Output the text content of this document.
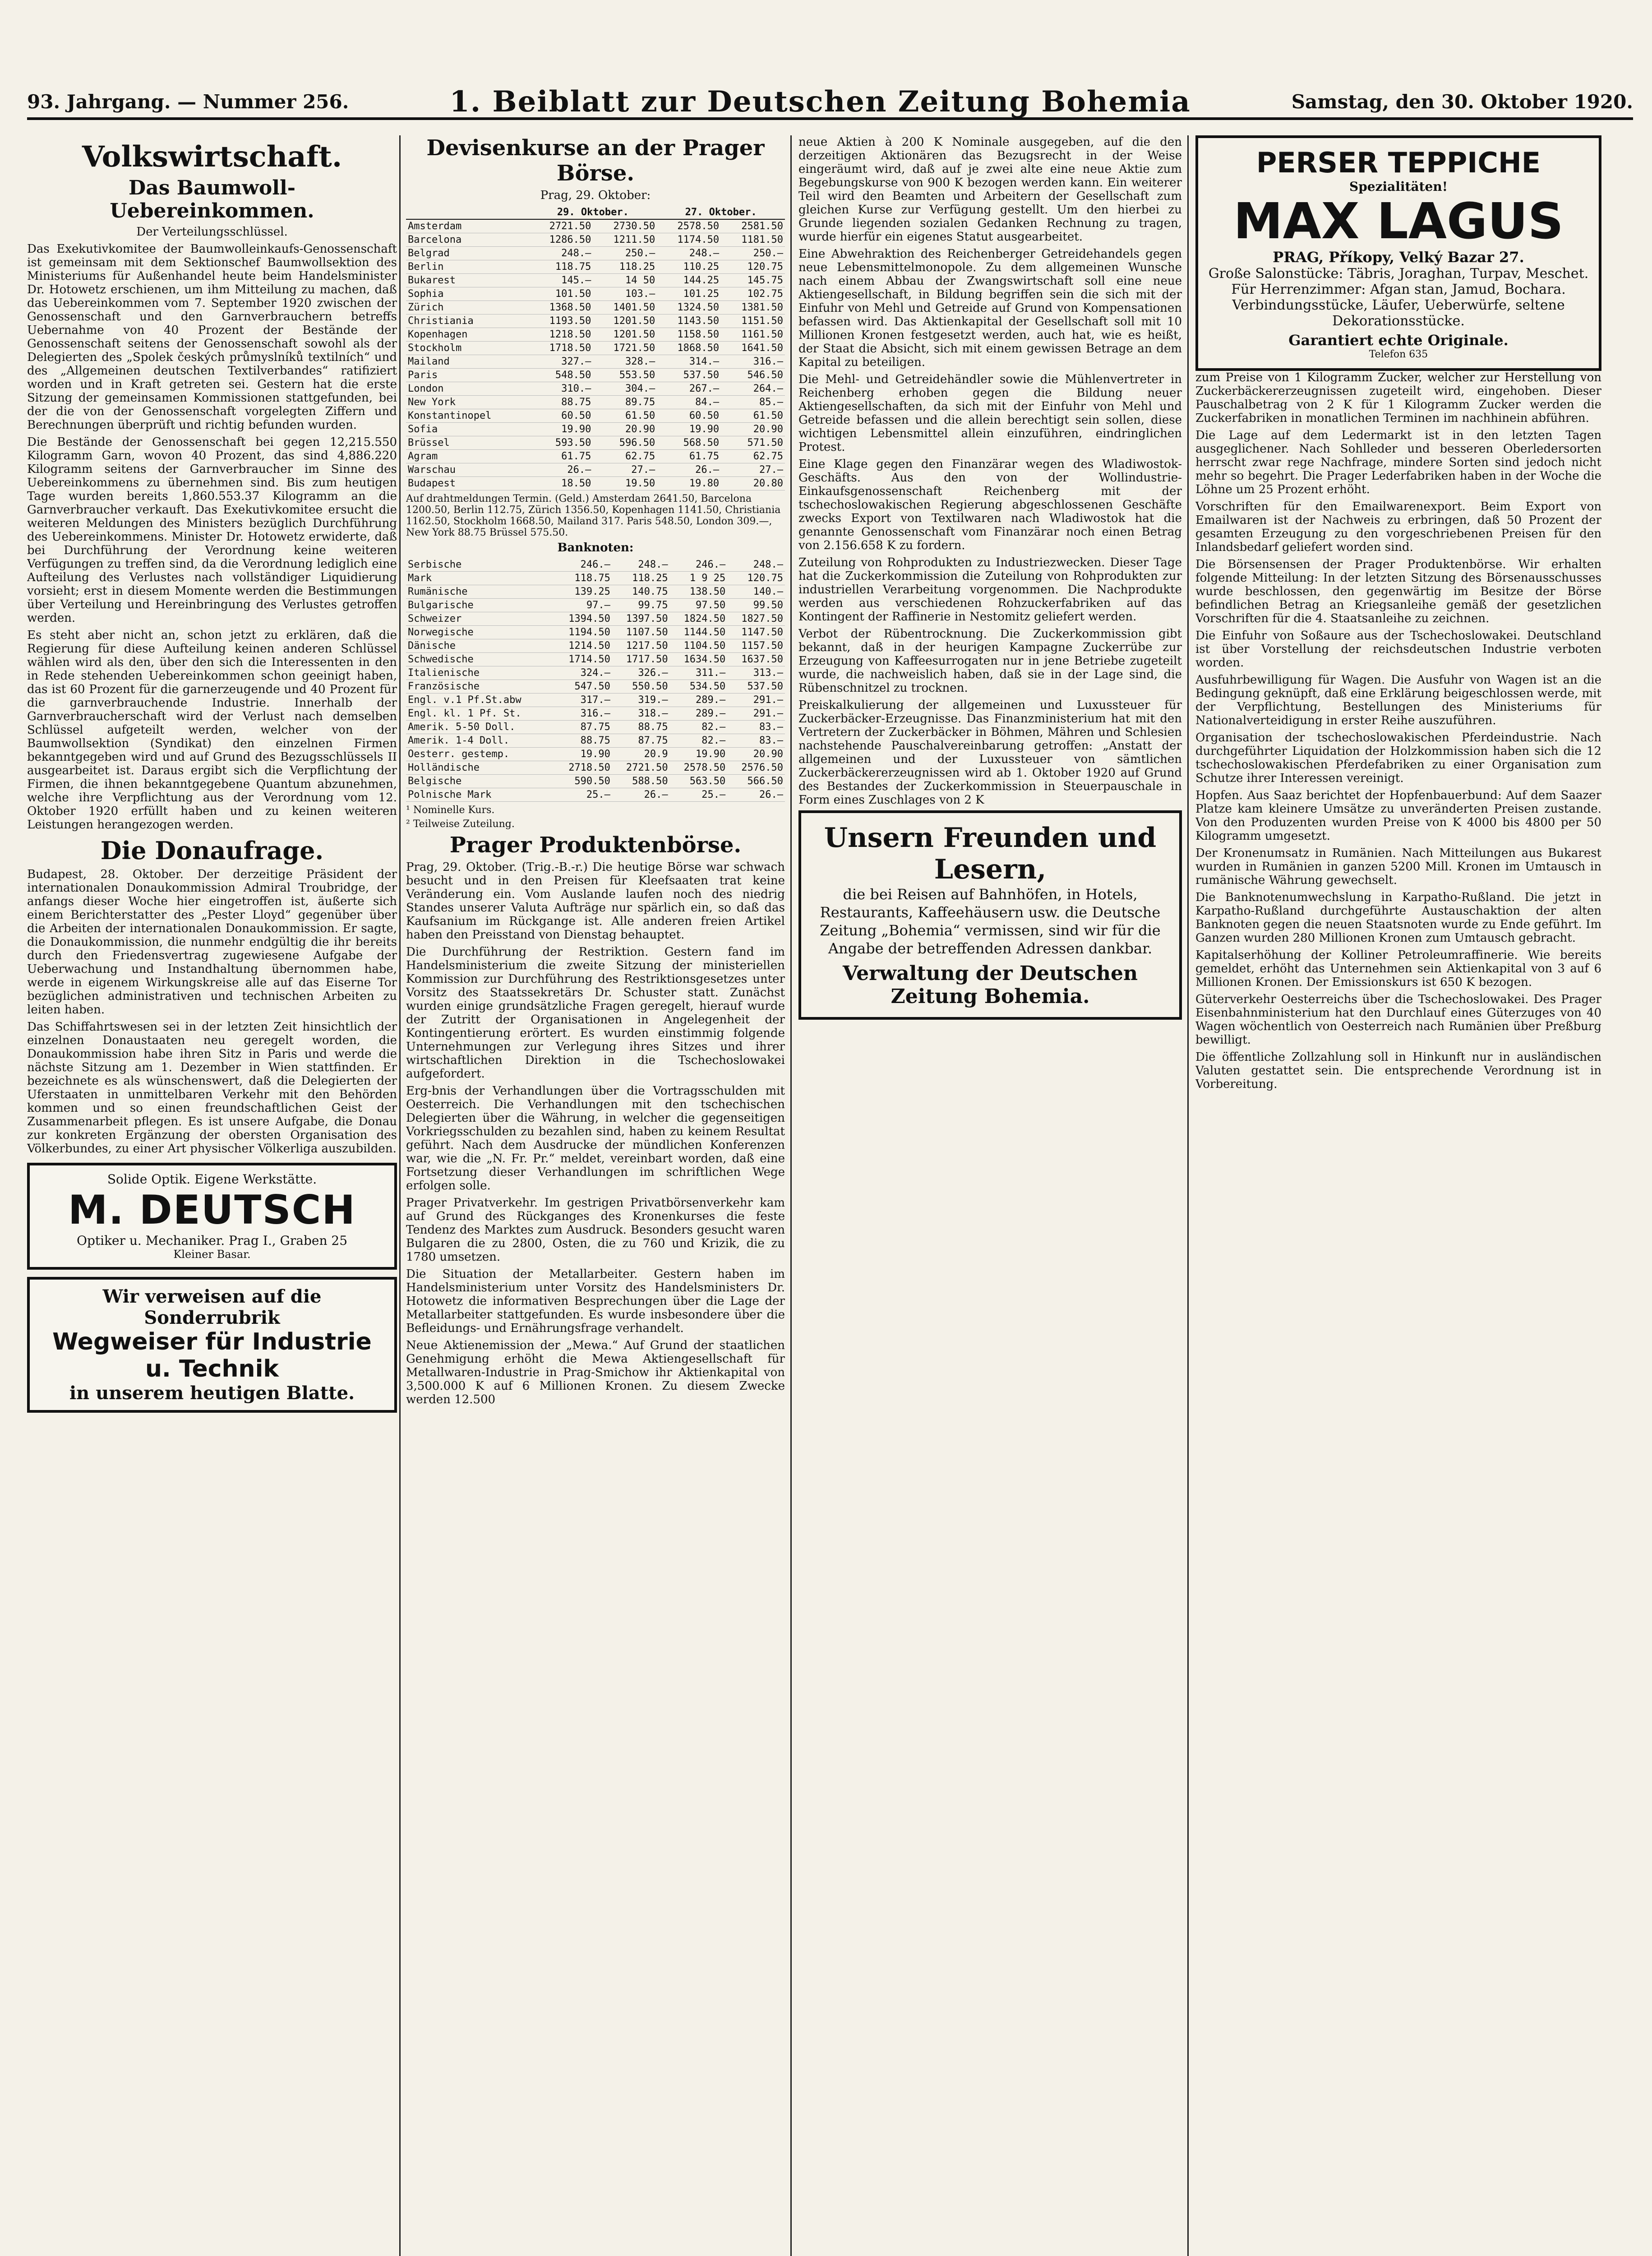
93. Jahrgang. — Nummer 256.	1. Beiblatt zur Deutschen Zeitung Bohemia	Samstag, den 30. Oktober 1920.
Volkswirtschaft.
Das Baumwoll-Uebereinkommen.
Der Verteilungsschlüssel.

Das Exekutivkomitee der Baumwolleinkaufs-Genossenschaft ist gemeinsam mit dem Sektionschef Baumwollsektion des Ministeriums für Außenhandel heute beim Handelsminister Dr. Hotowetz erschienen, um ihm Mitteilung zu machen, daß das Uebereinkommen vom 7. September 1920 zwischen der Genossenschaft und den Garnverbrauchern betreffs Uebernahme von 40 Prozent der Bestände der Genossenschaft seitens der Genossenschaft sowohl als der Delegierten des „Spolek českých průmyslníků textilních“ und des „Allgemeinen deutschen Textilverbandes“ ratifiziert worden und in Kraft getreten sei. Gestern hat die erste Sitzung der gemeinsamen Kommissionen stattgefunden, bei der die von der Genossenschaft vorgelegten Ziffern und Berechnungen überprüft und richtig befunden wurden.

Die Bestände der Genossenschaft bei gegen 12,215.550 Kilogramm Garn, wovon 40 Prozent, das sind 4,886.220 Kilogramm seitens der Garnverbraucher im Sinne des Uebereinkommens zu übernehmen sind. Bis zum heutigen Tage wurden bereits 1,860.553.37 Kilogramm an die Garnverbraucher verkauft. Das Exekutivkomitee ersucht die weiteren Meldungen des Ministers bezüglich Durchführung des Uebereinkommens. Minister Dr. Hotowetz erwiderte, daß bei Durchführung der Verordnung keine weiteren Verfügungen zu treffen sind, da die Verordnung lediglich eine Aufteilung des Verlustes nach vollständiger Liquidierung vorsieht; erst in diesem Momente werden die Bestimmungen über Verteilung und Hereinbringung des Verlustes getroffen werden.

Es steht aber nicht an, schon jetzt zu erklären, daß die Regierung für diese Aufteilung keinen anderen Schlüssel wählen wird als den, über den sich die Interessenten in den in Rede stehenden Uebereinkommen schon geeinigt haben, das ist 60 Prozent für die garnerzeugende und 40 Prozent für die garnverbrauchende Industrie. Innerhalb der Garnverbraucherschaft wird der Verlust nach demselben Schlüssel aufgeteilt werden, welcher von der Baumwollsektion (Syndikat) den einzelnen Firmen bekanntgegeben wird und auf Grund des Bezugsschlüssels II ausgearbeitet ist. Daraus ergibt sich die Verpflichtung der Firmen, die ihnen bekanntgegebene Quantum abzunehmen, welche ihre Verpflichtung aus der Verordnung vom 12. Oktober 1920 erfüllt haben und zu keinen weiteren Leistungen herangezogen werden.

Die Donaufrage.

Budapest, 28. Oktober. Der derzeitige Präsident der internationalen Donaukommission Admiral Troubridge, der anfangs dieser Woche hier eingetroffen ist, äußerte sich einem Berichterstatter des „Pester Lloyd“ gegenüber über die Arbeiten der internationalen Donaukommission. Er sagte, die Donaukommission, die nunmehr endgültig die ihr bereits durch den Friedensvertrag zugewiesene Aufgabe der Ueberwachung und Instandhaltung übernommen habe, werde in eigenem Wirkungskreise alle auf das Eiserne Tor bezüglichen administrativen und technischen Arbeiten zu leiten haben.

Das Schiffahrtswesen sei in der letzten Zeit hinsichtlich der einzelnen Donaustaaten neu geregelt worden, die Donaukommission habe ihren Sitz in Paris und werde die nächste Sitzung am 1. Dezember in Wien stattfinden. Er bezeichnete es als wünschenswert, daß die Delegierten der Uferstaaten in unmittelbaren Verkehr mit den Behörden kommen und so einen freundschaftlichen Geist der Zusammenarbeit pflegen. Es ist unsere Aufgabe, die Donau zur konkreten Ergänzung der obersten Organisation des Völkerbundes, zu einer Art physischer Völkerliga auszubilden.

Solide Optik. Eigene Werkstätte.
M. DEUTSCH
Optiker u. Mechaniker. Prag I., Graben 25
Kleiner Basar.
Wir verweisen auf die Sonderrubrik
Wegweiser für Industrie u. Technik
in unserem heutigen Blatte.
Devisenkurse an der Prager Börse.
Prag, 29. Oktober:
	29. Oktober.		27. Oktober.	
Amsterdam	2721.50	2730.50	2578.50	2581.50
Barcelona	1286.50	1211.50	1174.50	1181.50
Belgrad	248.—	250.—	248.—	250.—
Berlin	118.75	118.25	110.25	120.75
Bukarest	145.—	14 50	144.25	145.75
Sophia	101.50	103.—	101.25	102.75
Zürich	1368.50	1401.50	1324.50	1381.50
Christiania	1193.50	1201.50	1143.50	1151.50
Kopenhagen	1218.50	1201.50	1158.50	1161.50
Stockholm	1718.50	1721.50	1868.50	1641.50
Mailand	327.—	328.—	314.—	316.—
Paris	548.50	553.50	537.50	546.50
London	310.—	304.—	267.—	264.—
New York	88.75	89.75	84.—	85.—
Konstantinopel	60.50	61.50	60.50	61.50
Sofia	19.90	20.90	19.90	20.90
Brüssel	593.50	596.50	568.50	571.50
Agram	61.75	62.75	61.75	62.75
Warschau	26.—	27.—	26.—	27.—
Budapest	18.50	19.50	19.80	20.80

Auf drahtmeldungen Termin. (Geld.) Amsterdam 2641.50, Barcelona 1200.50, Berlin 112.75, Zürich 1356.50, Kopenhagen 1141.50, Christiania 1162.50, Stockholm 1668.50, Mailand 317. Paris 548.50, London 309.—, New York 88.75 Brüssel 575.50.

Banknoten:
Serbische	246.—	248.—	246.—	248.—
Mark	118.75	118.25	1 9 25	120.75
Rumänische	139.25	140.75	138.50	140.—
Bulgarische	97.—	99.75	97.50	99.50
Schweizer	1394.50	1397.50	1824.50	1827.50
Norwegische	1194.50	1107.50	1144.50	1147.50
Dänische	1214.50	1217.50	1104.50	1157.50
Schwedische	1714.50	1717.50	1634.50	1637.50
Italienische	324.—	326.—	311.—	313.—
Französische	547.50	550.50	534.50	537.50
Engl. v.1 Pf.St.abw	317.—	319.—	289.—	291.—
Engl. kl. 1 Pf. St.	316.—	318.—	289.—	291.—
Amerik. 5-50 Doll.	87.75	88.75	82.—	83.—
Amerik. 1-4 Doll.	88.75	87.75	82.—	83.—
Oesterr. gestemp.	19.90	20.9	19.90	20.90
Holländische	2718.50	2721.50	2578.50	2576.50
Belgische	590.50	588.50	563.50	566.50
Polnische Mark	25.—	26.—	25.—	26.—

¹ Nominelle Kurs.

² Teilweise Zuteilung.

Prager Produktenbörse.

Prag, 29. Oktober. (Trig.-B.-r.) Die heutige Börse war schwach besucht und in den Preisen für Kleefsaaten trat keine Veränderung ein. Vom Auslande laufen noch des niedrig Standes unserer Valuta Aufträge nur spärlich ein, so daß das Kaufsanium im Rückgange ist. Alle anderen freien Artikel haben den Preisstand von Dienstag behauptet.

Die Durchführung der Restriktion. Gestern fand im Handelsministerium die zweite Sitzung der ministeriellen Kommission zur Durchführung des Restriktionsgesetzes unter Vorsitz des Staatssekretärs Dr. Schuster statt. Zunächst wurden einige grundsätzliche Fragen geregelt, hierauf wurde der Zutritt der Organisationen in Angelegenheit der Kontingentierung erörtert. Es wurden einstimmig folgende Unternehmungen zur Verlegung ihres Sitzes und ihrer wirtschaftlichen Direktion in die Tschechoslowakei aufgefordert.

Erg-bnis der Verhandlungen über die Vortragsschulden mit Oesterreich. Die Verhandlungen mit den tschechischen Delegierten über die Währung, in welcher die gegenseitigen Vorkriegsschulden zu bezahlen sind, haben zu keinem Resultat geführt. Nach dem Ausdrucke der mündlichen Konferenzen war, wie die „N. Fr. Pr.“ meldet, vereinbart worden, daß eine Fortsetzung dieser Verhandlungen im schriftlichen Wege erfolgen solle.

Prager Privatverkehr. Im gestrigen Privatbörsenverkehr kam auf Grund des Rückganges des Kronenkurses die feste Tendenz des Marktes zum Ausdruck. Besonders gesucht waren Bulgaren die zu 2800, Osten, die zu 760 und Krizik, die zu 1780 umsetzen.

Die Situation der Metallarbeiter. Gestern haben im Handelsministerium unter Vorsitz des Handelsministers Dr. Hotowetz die informativen Besprechungen über die Lage der Metallarbeiter stattgefunden. Es wurde insbesondere über die Befleidungs- und Ernährungsfrage verhandelt.

Neue Aktienemission der „Mewa.“ Auf Grund der staatlichen Genehmigung erhöht die Mewa Aktiengesellschaft für Metallwaren-Industrie in Prag-Smichow ihr Aktienkapital von 3,500.000 K auf 6 Millionen Kronen. Zu diesem Zwecke werden 12.500

neue Aktien à 200 K Nominale ausgegeben, auf die den derzeitigen Aktionären das Bezugsrecht in der Weise eingeräumt wird, daß auf je zwei alte eine neue Aktie zum Begebungskurse von 900 K bezogen werden kann. Ein weiterer Teil wird den Beamten und Arbeitern der Gesellschaft zum gleichen Kurse zur Verfügung gestellt. Um den hierbei zu Grunde liegenden sozialen Gedanken Rechnung zu tragen, wurde hierfür ein eigenes Statut ausgearbeitet.

Eine Abwehraktion des Reichenberger Getreidehandels gegen neue Lebensmittelmonopole. Zu dem allgemeinen Wunsche nach einem Abbau der Zwangswirtschaft soll eine neue Aktiengesellschaft, in Bildung begriffen sein die sich mit der Einfuhr von Mehl und Getreide auf Grund von Kompensationen befassen wird. Das Aktienkapital der Gesellschaft soll mit 10 Millionen Kronen festgesetzt werden, auch hat, wie es heißt, der Staat die Absicht, sich mit einem gewissen Betrage an dem Kapital zu beteiligen.

Die Mehl- und Getreidehändler sowie die Mühlenvertreter in Reichenberg erhoben gegen die Bildung neuer Aktiengesellschaften, da sich mit der Einfuhr von Mehl und Getreide befassen und die allein berechtigt sein sollen, diese wichtigen Lebensmittel allein einzuführen, eindringlichen Protest.

Eine Klage gegen den Finanzärar wegen des Wladiwostok-Geschäfts. Aus den von der Wollindustrie-Einkaufsgenossenschaft Reichenberg mit der tschechoslowakischen Regierung abgeschlossenen Geschäfte zwecks Export von Textilwaren nach Wladiwostok hat die genannte Genossenschaft vom Finanzärar noch einen Betrag von 2.156.658 K zu fordern.

Zuteilung von Rohprodukten zu Industriezwecken. Dieser Tage hat die Zuckerkommission die Zuteilung von Rohprodukten zur industriellen Verarbeitung vorgenommen. Die Nachprodukte werden aus verschiedenen Rohzuckerfabriken auf das Kontingent der Raffinerie in Nestomitz geliefert werden.

Verbot der Rübentrocknung. Die Zuckerkommission gibt bekannt, daß in der heurigen Kampagne Zuckerrübe zur Erzeugung von Kaffeesurrogaten nur in jene Betriebe zugeteilt wurde, die nachweislich haben, daß sie in der Lage sind, die Rübenschnitzel zu trocknen.

Preiskalkulierung der allgemeinen und Luxussteuer für Zuckerbäcker-Erzeugnisse. Das Finanzministerium hat mit den Vertretern der Zuckerbäcker in Böhmen, Mähren und Schlesien nachstehende Pauschalvereinbarung getroffen: „Anstatt der allgemeinen und der Luxussteuer von sämtlichen Zuckerbäckererzeugnissen wird ab 1. Oktober 1920 auf Grund des Bestandes der Zuckerkommission in Steuerpauschale in Form eines Zuschlages von 2 K

Unsern Freunden und Lesern,
die bei Reisen auf Bahnhöfen, in Hotels, Restaurants, Kaffeehäusern usw. die Deutsche Zeitung „Bohemia“ vermissen, sind wir für die Angabe der betreffenden Adressen dankbar.
Verwaltung der Deutschen Zeitung Bohemia.
PERSER TEPPICHE
Spezialitäten!
MAX LAGUS
PRAG, Příkopy, Velký Bazar 27.
Große Salonstücke: Täbris, Joraghan, Turpav, Meschet.
Für Herrenzimmer: Afgan stan, Jamud, Bochara.
Verbindungsstücke, Läufer, Ueberwürfe, seltene Dekorationsstücke.
Garantiert echte Originale.
Telefon 635

zum Preise von 1 Kilogramm Zucker, welcher zur Herstellung von Zuckerbäckererzeugnissen zugeteilt wird, eingehoben. Dieser Pauschalbetrag von 2 K für 1 Kilogramm Zucker werden die Zuckerfabriken in monatlichen Terminen im nachhinein abführen.

Die Lage auf dem Ledermarkt ist in den letzten Tagen ausgeglichener. Nach Sohlleder und besseren Oberledersorten herrscht zwar rege Nachfrage, mindere Sorten sind jedoch nicht mehr so begehrt. Die Prager Lederfabriken haben in der Woche die Löhne um 25 Prozent erhöht.

Vorschriften für den Emailwarenexport. Beim Export von Emailwaren ist der Nachweis zu erbringen, daß 50 Prozent der gesamten Erzeugung zu den vorgeschriebenen Preisen für den Inlandsbedarf geliefert worden sind.

Die Börsensensen der Prager Produktenbörse. Wir erhalten folgende Mitteilung: In der letzten Sitzung des Börsenausschusses wurde beschlossen, den gegenwärtig im Besitze der Börse befindlichen Betrag an Kriegsanleihe gemäß der gesetzlichen Vorschriften für die 4. Staatsanleihe zu zeichnen.

Die Einfuhr von Soßaure aus der Tschechoslowakei. Deutschland ist über Vorstellung der reichsdeutschen Industrie verboten worden.

Ausfuhrbewilligung für Wagen. Die Ausfuhr von Wagen ist an die Bedingung geknüpft, daß eine Erklärung beigeschlossen werde, mit der Verpflichtung, Bestellungen des Ministeriums für Nationalverteidigung in erster Reihe auszuführen.

Organisation der tschechoslowakischen Pferdeindustrie. Nach durchgeführter Liquidation der Holzkommission haben sich die 12 tschechoslowakischen Pferdefabriken zu einer Organisation zum Schutze ihrer Interessen vereinigt.

Hopfen. Aus Saaz berichtet der Hopfenbauerbund: Auf dem Saazer Platze kam kleinere Umsätze zu unveränderten Preisen zustande. Von den Produzenten wurden Preise von K 4000 bis 4800 per 50 Kilogramm umgesetzt.

Der Kronenumsatz in Rumänien. Nach Mitteilungen aus Bukarest wurden in Rumänien in ganzen 5200 Mill. Kronen im Umtausch in rumänische Währung gewechselt.

Die Banknotenumwechslung in Karpatho-Rußland. Die jetzt in Karpatho-Rußland durchgeführte Austauschaktion der alten Banknoten gegen die neuen Staatsnoten wurde zu Ende geführt. Im Ganzen wurden 280 Millionen Kronen zum Umtausch gebracht.

Kapitalserhöhung der Kolliner Petroleumraffinerie. Wie bereits gemeldet, erhöht das Unternehmen sein Aktienkapital von 3 auf 6 Millionen Kronen. Der Emissionskurs ist 650 K bezogen.

Güterverkehr Oesterreichs über die Tschechoslowakei. Des Prager Eisenbahnministerium hat den Durchlauf eines Güterzuges von 40 Wagen wöchentlich von Oesterreich nach Rumänien über Preßburg bewilligt.

Die öffentliche Zollzahlung soll in Hinkunft nur in ausländischen Valuten gestattet sein. Die entsprechende Verordnung ist in Vorbereitung.
